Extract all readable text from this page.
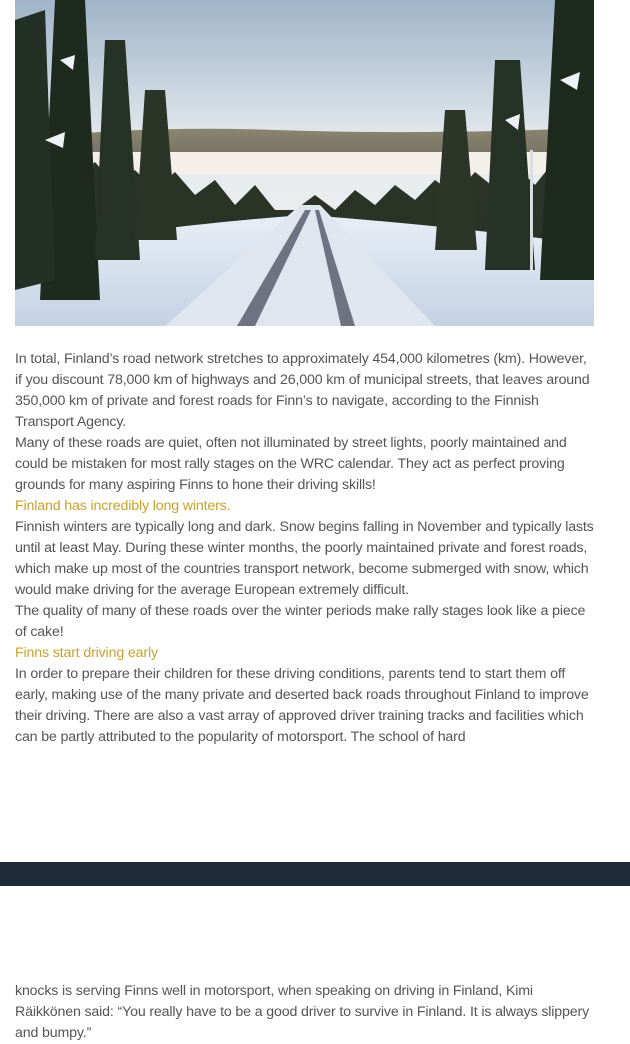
In total, Finland’s road network stretches to approximately 454,000 kilometres (km). However, if you discount 78,000 km of highways and 26,000 km of municipal streets, that leaves around 350,000 km of private and forest roads for Finn’s to navigate, according to the Finnish Transport Agency.

Many of these roads are quiet, often not illuminated by street lights, poorly maintained and could be mistaken for most rally stages on the WRC calendar. They act as perfect proving grounds for many aspiring Finns to hone their driving skills!

Finland has incredibly long winters.

Finnish winters are typically long and dark. Snow begins falling in November and typically lasts until at least May. During these winter months, the poorly maintained private and forest roads, which make up most of the countries transport network, become submerged with snow, which would make driving for the average European extremely difficult.

The quality of many of these roads over the winter periods make rally stages look like a piece of cake!

Finns start driving early

In order to prepare their children for these driving conditions, parents tend to start them off early, making use of the many private and deserted back roads throughout Finland to improve their driving. There are also a vast array of approved driver training tracks and facilities which can be partly attributed to the popularity of motorsport. The school of hard

knocks is serving Finns well in motorsport, when speaking on driving in Finland, Kimi Räikkönen said: “You really have to be a good driver to survive in Finland. It is always slippery and bumpy.”
